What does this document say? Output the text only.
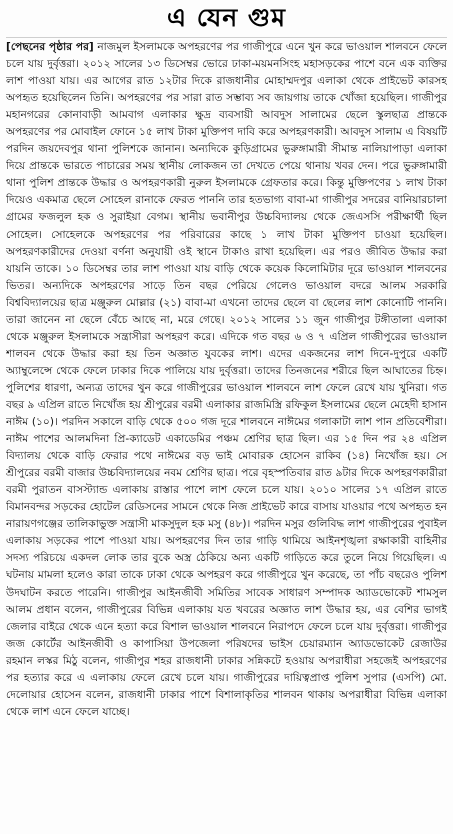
এ যেন গুম

[পেছনের পৃষ্ঠার পর] নাজমুল ইসলামকে অপহরণের পর গাজীপুরে এনে খুন করে ভাওয়াল শালবনে ফেলে চলে যায় দুর্বৃত্তরা। ২০১২ সালের ১৩ ডিসেম্বর ভোরে ঢাকা-ময়মনসিংহ মহাসড়কের পাশে বনে এক ব্যক্তির লাশ পাওয়া যায়। এর আগের রাত ১২টার দিকে রাজধানীর মোহাম্মদপুর এলাকা থেকে প্রাইভেট কারসহ অপহৃত হয়েছিলেন তিনি। অপহরণের পর সারা রাত সম্ভাব্য সব জায়গায় তাকে খোঁজা হয়েছিল। গাজীপুর মহানগরের কোনাবাড়ী আমবাগ এলাকার ক্ষুদ্র ব্যবসায়ী আবদুস সালামের ছেলে স্কুলছাত্র প্রান্তকে অপহরণের পর মোবাইল ফোনে ১৫ লাখ টাকা মুক্তিপণ দাবি করে অপহরণকারী। আবদুস সালাম এ বিষয়টি পরদিন জয়দেবপুর থানা পুলিশকে জানান। অন্যদিকে কুড়িগ্রামের ভুরুঙ্গামারী সীমান্ত নালিয়াপাড়া এলাকা দিয়ে প্রান্তকে ভারতে পাচারের সময় স্থানীয় লোকজন তা দেখতে পেয়ে থানায় খবর দেন। পরে ভুরুঙ্গামারী থানা পুলিশ প্রান্তকে উদ্ধার ও অপহরণকারী নুরুল ইসলামকে গ্রেফতার করে। কিন্তু মুক্তিপণের ১ লাখ টাকা দিয়েও একমাত্র ছেলে সোহেল রানাকে ফেরত পাননি তার হতভাগ্য বাবা-মা গাজীপুর সদরের বানিয়ারচালা গ্রামের ফজলুল হক ও সুরাইয়া বেগম। স্থানীয় ভবানীপুর উচ্চবিদ্যালয় থেকে জেএসসি পরীক্ষার্থী ছিল সোহেল। সোহেলকে অপহরণের পর পরিবারের কাছে ১ লাখ টাকা মুক্তিপণ চাওয়া হয়েছিল। অপহরণকারীদের দেওয়া বর্ণনা অনুযায়ী ওই স্থানে টাকাও রাখা হয়েছিল। এর পরও জীবিত উদ্ধার করা যায়নি তাকে। ১০ ডিসেম্বর তার লাশ পাওয়া যায় বাড়ি থেকে কয়েক কিলোমিটার দূরে ভাওয়াল শালবনের ভিতর। অন্যদিকে অপহরণের সাড়ে তিন বছর পেরিয়ে গেলেও ভাওয়াল বদরে আলম সরকারি বিশ্ববিদ্যালয়ের ছাত্র মঞ্জুরুল মোল্লার (২১) বাবা-মা এখনো তাদের ছেলে বা ছেলের লাশ কোনোটি পাননি। তারা জানেন না ছেলে বেঁচে আছে না, মরে গেছে। ২০১২ সালের ১১ জুন গাজীপুর টঙ্গীতালা এলাকা থেকে মঞ্জুরুল ইসলামকে সন্ত্রাসীরা অপহরণ করে। এদিকে গত বছর ৬ ও ৭ এপ্রিল গাজীপুরের ভাওয়াল শালবন থেকে উদ্ধার করা হয় তিন অজ্ঞাত যুবকের লাশ। এদের একজনের লাশ দিনে-দুপুরে একটি অ্যাম্বুলেন্সে থেকে ফেলে ঢাকার দিকে পালিয়ে যায় দুর্বৃত্তরা। তাদের তিনজনের শরীরে ছিল আঘাতের চিহ্ন। পুলিশের ধারণা, অন্যত্র তাদের খুন করে গাজীপুরের ভাওয়াল শালবনে লাশ ফেলে রেখে যায় খুনিরা। গত বছর ৯ এপ্রিল রাতে নিখোঁজ হয় শ্রীপুরের বরমী এলাকার রাজমিস্ত্রি রফিকুল ইসলামের ছেলে মেহেদী হাসান নাঈম (১০)। পরদিন সকালে বাড়ি থেকে ৫০০ গজ দূরে শালবনে নাঈমের গলাকাটা লাশ পান প্রতিবেশীরা। নাঈম পাশের আলমদিনা প্রি-ক্যাডেট একাডেমির পঞ্চম শ্রেণির ছাত্র ছিল। এর ১৫ দিন পর ২৪ এপ্রিল বিদ্যালয় থেকে বাড়ি ফেরার পথে নাঈমের বড় ভাই মোবারক হোসেন রাকিব (১৪) নিখোঁজ হয়। সে শ্রীপুরের বরমী বাজার উচ্চবিদ্যালয়ের নবম শ্রেণির ছাত্র। পরে বৃহস্পতিবার রাত ৯টার দিকে অপহরণকারীরা বরমী পুরাতন বাসস্ট্যান্ড এলাকায় রাস্তার পাশে লাশ ফেলে চলে যায়। ২০১০ সালের ১৭ এপ্রিল রাতে বিমানবন্দর সড়কের হোটেল রেডিসনের সামনে থেকে নিজ প্রাইভেট কারে বাসায় যাওয়ার পথে অপহৃত হন নারায়ণগঞ্জের তালিকাভুক্ত সন্ত্রাসী মাকসুদুল হক মসু (৪৮)। পরদিন মসুর গুলিবিদ্ধ লাশ গাজীপুরের পুবাইল এলাকায় সড়কের পাশে পাওয়া যায়। অপহরণের দিন তার গাড়ি থামিয়ে আইনশৃঙ্খলা রক্ষাকারী বাহিনীর সদস্য পরিচয়ে একদল লোক তার বুকে অস্ত্র ঠেকিয়ে অন্য একটি গাড়িতে করে তুলে নিয়ে গিয়েছিল। এ ঘটনায় মামলা হলেও কারা তাকে ঢাকা থেকে অপহরণ করে গাজীপুরে খুন করেছে, তা পাঁচ বছরেও পুলিশ উদঘাটন করতে পারেনি। গাজীপুর আইনজীবী সমিতির সাবেক সাধারণ সম্পাদক অ্যাডভোকেট শামসুল আলম প্রধান বলেন, গাজীপুরের বিভিন্ন এলাকায় যত খবরের অজ্ঞাত লাশ উদ্ধার হয়, এর বেশির ভাগই জেলার বাইরে থেকে এনে হত্যা করে বিশাল ভাওয়াল শালবনে নিরাপদে ফেলে চলে যায় দুর্বৃত্তরা। গাজীপুর জজ কোর্টের আইনজীবী ও কাপাসিয়া উপজেলা পরিষদের ভাইস চেয়ারম্যান অ্যাডভোকেট রেজাউর রহমান লস্কর মিঠু বলেন, গাজীপুর শহর রাজধানী ঢাকার সন্নিকটে হওয়ায় অপরাধীরা সহজেই অপহরণের পর হত্যার করে এ এলাকায় ফেলে রেখে চলে যায়। গাজীপুরের দায়িত্বপ্রাপ্ত পুলিশ সুপার (এসপি) মো. দেলোয়ার হোসেন বলেন, রাজধানী ঢাকার পাশে বিশালাকৃতির শালবন থাকায় অপরাধীরা বিভিন্ন এলাকা থেকে লাশ এনে ফেলে যাচ্ছে।
